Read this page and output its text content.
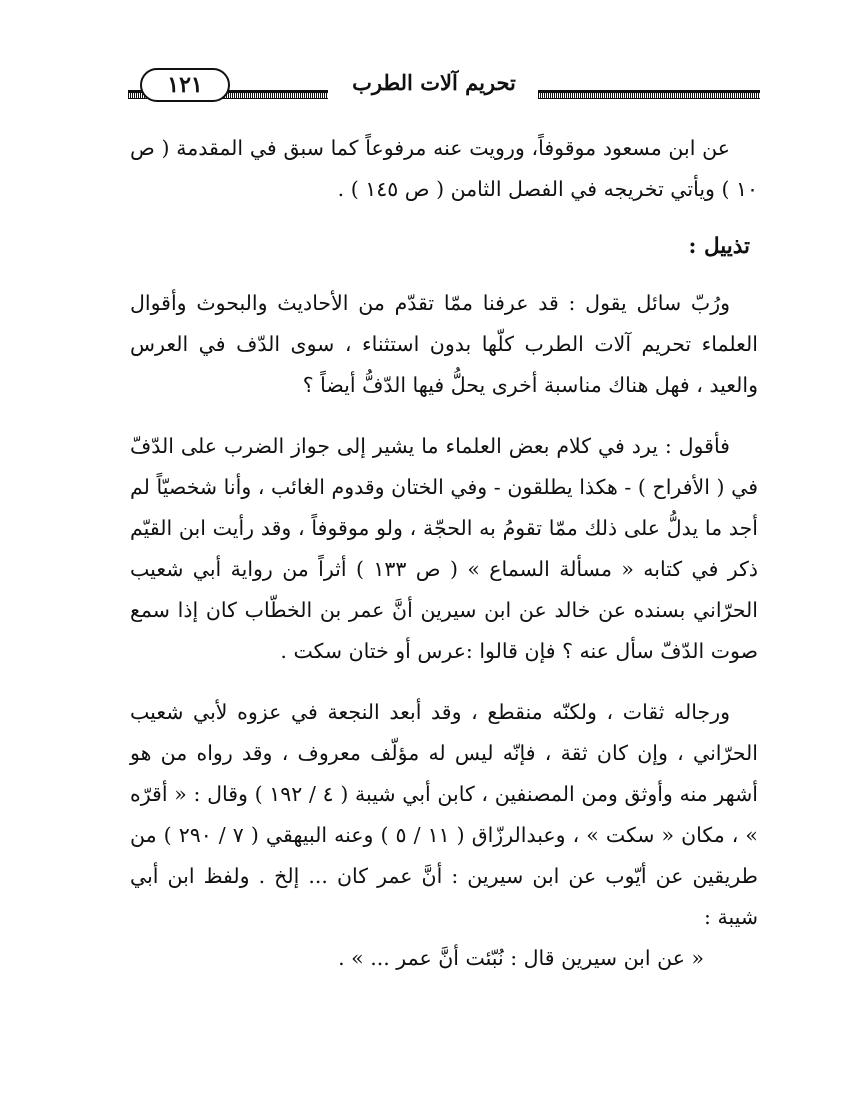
١٢١	تحريم آلات الطرب

عن ابن مسعود موقوفاً، ورويت عنه مرفوعاً كما سبق في المقدمة ( ص ١٠ ) ويأتي تخريجه في الفصل الثامن ( ص ١٤٥ ) .

تذييل :

ورُبّ سائل يقول : قد عرفنا ممّا تقدّم من الأحاديث والبحوث وأقوال العلماء تحريم آلات الطرب كلّها بدون استثناء ، سوى الدّف في العرس والعيد ، فهل هناك مناسبة أخرى يحلُّ فيها الدّفُّ أيضاً ؟

فأقول : يرد في كلام بعض العلماء ما يشير إلى جواز الضرب على الدّفّ في ( الأفراح ) - هكذا يطلقون - وفي الختان وقدوم الغائب ، وأنا شخصيّاً لم أجد ما يدلُّ على ذلك ممّا تقومُ به الحجّة ، ولو موقوفاً ، وقد رأيت ابن القيّم ذكر في كتابه « مسألة السماع » ( ص ١٣٣ ) أثراً من رواية أبي شعيب الحرّاني بسنده عن خالد عن ابن سيرين أنَّ عمر بن الخطّاب كان إذا سمع صوت الدّفّ سأل عنه ؟ فإن قالوا :عرس أو ختان سكت .

ورجاله ثقات ، ولكنّه منقطع ، وقد أبعد النجعة في عزوه لأبي شعيب الحرّاني ، وإن كان ثقة ، فإنّه ليس له مؤلّف معروف ، وقد رواه من هو أشهر منه وأوثق ومن المصنفين ، كابن أبي شيبة ( ٤ / ١٩٢ ) وقال : « أقرّه » ، مكان « سكت » ، وعبدالرزّاق ( ١١ / ٥ ) وعنه البيهقي ( ٧ / ٢٩٠ ) من طريقين عن أيّوب عن ابن سيرين : أنَّ عمر كان ... إلخ . ولفظ ابن أبي شيبة :

« عن ابن سيرين قال : نُبّئت أنَّ عمر ... » .
